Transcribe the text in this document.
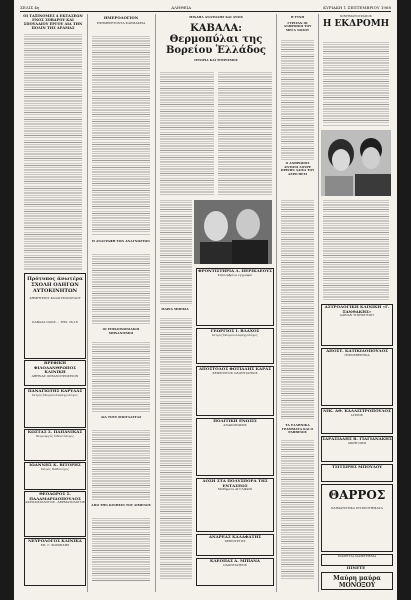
ΣΕΛΙΣ 4η	ΑΛΗΘΕΙΑ	ΚΥΡΙΑΚΗ 1 ΣΕΠΤΕΜΒΡΙΟΥ 1968
ΟΙ ΤΑΞΙΝΟΜΕΣ 4 ΕΚΤΑΣΕΩΝ ΕΝΟΣ ΣΟΒΑΡΟΥ ΚΑΙ ΣΠΟΥΔΑΙΟΥ ΕΡΓΟΥ ΔΙΑ ΤΗΝ ΠΟΛΙΝ ΤΗΣ ΔΡΑΜΑΣ
Πρότυπος άνωτέρα ΣΧΟΛΗ ΟΔΗΓΩΝ ΑΥΤΟΚΙΝΗΤΩΝ
ΔΗΜΗΤΡΙΟΥ ΚΑΛΛΙΤΣΟΠΟΥΛΟΥ
ΚΑΒΑΛΑ ΟΔΟΣ ... ΤΗΛ. 26-18
ΒΡΕΦΙΚΗ ΦΙΛΟΔΑΝΘΡΩΠΟΣ ΚΛΙΝΙΚΗ
ΑΘΗΝΑΣ ΟΡΦΑΝΟΤΡΟΦΕΙΟΝ
ΠΑΝΑΓΙΩΤΗΣ ΚΑΡΥΔΑΣ
Ιατρός Ὠτορινολαρυγγολόγος
ΚΩΣΤΑΣ Σ. ΠΑΠΑΝΙΚΑΣ
Χειρουργός Ὀδοντίατρος
ΙΩΑΝΝΗΣ Κ. ΒΙΤΟΡΗΣ
Ιατρός Παθολόγος
ΘΕΟΔΩΡΟΣ Σ. ΠΑΛΑΜΑΡΙΔΟΠΟΥΛΟΣ
ΑΦΡΟΔΙΣΙΟΛΟΓΟΣ - ΔΕΡΜΑΤΟΛΟΓΟΣ
ΝΕΥΡΟΛΟΓΟΣ ΚΛΙΝΙΚΑ
ΣΠ. Γ. ΚΟΣΜΙΔΗΣ
ΗΜΕΡΟΛΟΓΙΟΝ
ΕΦΗΜΕΡΕΥΟΝΤΑ ΦΑΡΜΑΚΕΙΑ
Η ΑΝΑΓΡΑΦΗ ΤΩΝ ΑΝΑΓΝΩΣΤΩΝ
ΟΙ ΕΠΙΚΟΙΝΩΝΙΑΚΟΙ ΜΗΧΑΝΙΣΜΟΙ
ΔΙΑ ΤΟΥΣ ΣΠΟΥΔΑΣΤΑΣ
ΑΠΟ ΤΗΝ ΚΙΝΗΣΙΝ ΤΟΥ ΛΙΜΕΝΟΣ
ΜΙΧΑΗΛ ΑΝΑΤΟΛΗΣ ΚΑΙ ΔΥΣΙΣ
ΚΑΒΑΛΑ: Θερμοπύλαι της Βορείου Ἑλλάδος
ΙΣΤΟΡΙΑ ΚΑΙ ΤΟΥΡΙΣΜΟΣ
ΜΑΡΙΑ ΜΠΕΚΙΑ
ΦΡΟΝΤΙΣΤΗΡΙΑ Λ. ΠΕΡΙΚΛΕΟΥΣ
Σηπτεμβρίου εγγραφαί
ΓΕΩΡΓΙΟΣ Ι. ΒΛΑΧΟΣ
Ιατρός Ὠτορινολαρυγγολόγος
ΑΠΟΣΤΟΛΟΣ ΦΩΤΙΑΔΗΣ ΚΑΡΑΣ
ΧΕΙΡΟΥΡΓΟΣ ΟΔΟΝΤΙΑΤΡΟΣ
ΠΟΛΙΤΙΚΗ ΕΝΩΣΙΣ
ΑΝΑΚΟΙΝΩΣΙΣ
ΔΟΣΗ ΣΤΑ ΠΟΛΥΣΠΟΡΑ ΤΗΣ ΕΝΤΑΣΕΩΣ
Μαθήματα ΑΓΓΛΙΚΩΝ
ΑΝΔΡΕΑΣ ΚΑΛΑΦΑΤΗΣ
ΧΕΙΡΟΥΡΓΟΣ
ΚΛΕΟΠΑΣ Α. ΜΠΙΑΝΑ
ΟΔΟΝΤΙΑΤΡΟΣ
Η ΤΥΧΗ
ΓΥΡΙΣΑΝ ΟΙ ΑΝΘΡΩΠΟΙ ΤΟΥ ΜΕΓΑ ΝΟΣΟΥ
Ο ΑΝΘΡΩΠΟΣ ΑΝΤΩΝΙ ΛΟΥΡΕ ΠΡΕΠΕΙ ΔΑΙΣΑ ΤΟΥ ΑΕΡΟ ΘΕΣΙ
ΤΑ ΕΛΛΗΝΙΚΑ ΓΡΑΜΜΑΤΑ ΚΑΙ Ο ΡΑΒΒΙΝΟΣ
ΚΙΝΗΜΑΤΟΓΡΑΦΟΣ
Η ΕΚΔΡΟΜΗ
ΑΣΤΡΟΛΟΓΙΚΗ ΚΛΙΝΙΚΗ «Γ. ΞΑΝΘΑΚΗΣ»
ΑΔΕΙΑΝ ΥΠΟΥΡΓΕΙΟΥ
ΑΠΟΣΤ. ΚΑΤΙΚΙΔΟΠΟΥΛΟΣ
ΠΥΡΟΣΒΕΣΤΙΚΑ
ΝΙΚ. ΑΘ. ΚΑΛΛΙΣΤΡΟΠΟΥΛΟΣ
ΙΑΤΡΟΣ
ΣΑΡΑΣΙΑΔΗΣ Β. ΓΙΑΓΙΑΝΑΚΗΣ
ΔΙΚΗΓΟΡΟΙ
ΤΣΙΤΣΙΡΗΣ ΜΠΟΥΛΟΥ
ΘΑΡΡΟΣ
ΚΛΙΜΑΤΙΣΤΙΚΑ ΣΥΓΚΡΟΤΗΜΑΤΑ
ΠΩΛΕΙΤΑΙ ΔΙΑΜΕΡΙΣΜΑ
ΠΙΝΕΤΕ
Μαύρη μαύρα ΜΟΝΟΞΟΥ
